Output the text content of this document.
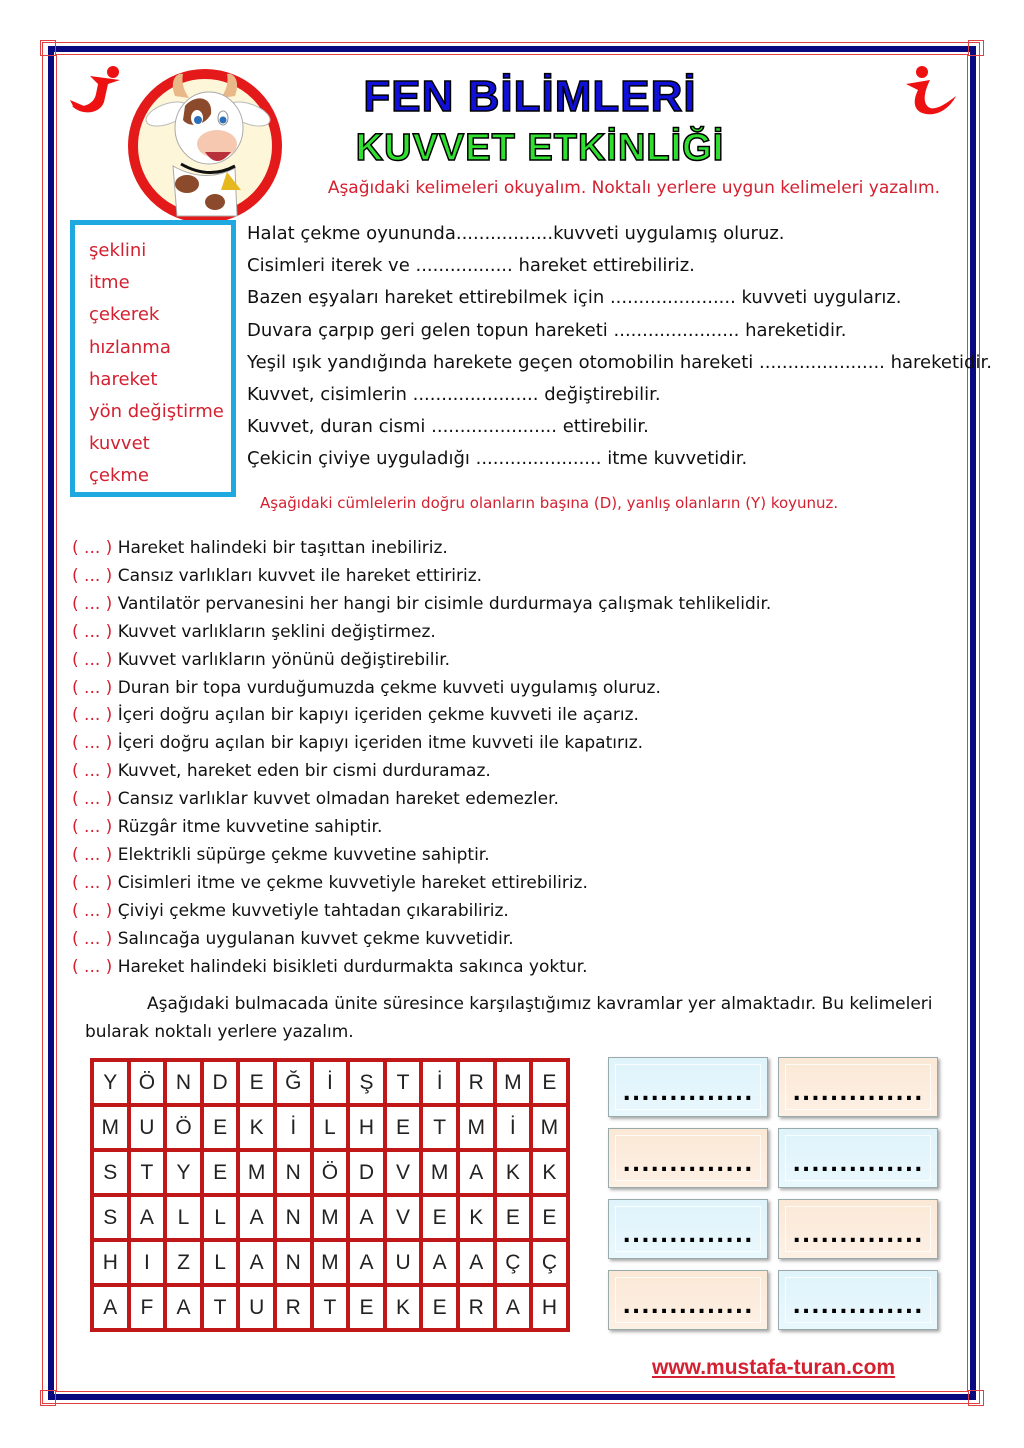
FEN BİLİMLERİ
KUVVET ETKİNLİĞİ
Aşağıdaki kelimeleri okuyalım. Noktalı yerlere uygun kelimeleri yazalım.
şeklini
itme
çekerek
hızlanma
hareket
yön değiştirme
kuvvet
çekme
Halat çekme oyununda.................kuvveti uygulamış oluruz.
Cisimleri iterek ve ................. hareket ettirebiliriz.
Bazen eşyaları hareket ettirebilmek için ...................... kuvveti uygularız.
Duvara çarpıp geri gelen topun hareketi ...................... hareketidir.
Yeşil ışık yandığında harekete geçen otomobilin hareketi ...................... hareketidir.
Kuvvet, cisimlerin ...................... değiştirebilir.
Kuvvet, duran cismi ...................... ettirebilir.
Çekicin çiviye uyguladığı ...................... itme kuvvetidir.
Aşağıdaki cümlelerin doğru olanların başına (D), yanlış olanların (Y) koyunuz.
( ... ) Hareket halindeki bir taşıttan inebiliriz.
( ... ) Cansız varlıkları kuvvet ile hareket ettiririz.
( ... ) Vantilatör pervanesini her hangi bir cisimle durdurmaya çalışmak tehlikelidir.
( ... ) Kuvvet varlıkların şeklini değiştirmez.
( ... ) Kuvvet varlıkların yönünü değiştirebilir.
( ... ) Duran bir topa vurduğumuzda çekme kuvveti uygulamış oluruz.
( ... ) İçeri doğru açılan bir kapıyı içeriden çekme kuvveti ile açarız.
( ... ) İçeri doğru açılan bir kapıyı içeriden itme kuvveti ile kapatırız.
( ... ) Kuvvet, hareket eden bir cismi durduramaz.
( ... ) Cansız varlıklar kuvvet olmadan hareket edemezler.
( ... ) Rüzgâr itme kuvvetine sahiptir.
( ... ) Elektrikli süpürge çekme kuvvetine sahiptir.
( ... ) Cisimleri itme ve çekme kuvvetiyle hareket ettirebiliriz.
( ... ) Çiviyi çekme kuvvetiyle tahtadan çıkarabiliriz.
( ... ) Salıncağa uygulanan kuvvet çekme kuvvetidir.
( ... ) Hareket halindeki bisikleti durdurmakta sakınca yoktur.
Aşağıdaki bulmacada ünite süresince karşılaştığımız kavramlar yer almaktadır. Bu kelimeleri
bularak noktalı yerlere yazalım.
Y	Ö	N	D	E	Ğ	İ	Ş	T	İ	R	M	E
M	U	Ö	E	K	İ	L	H	E	T	M	İ	M
S	T	Y	E	M	N	Ö	D	V	M	A	K	K
S	A	L	L	A	N	M	A	V	E	K	E	E
H	I	Z	L	A	N	M	A	U	A	A	Ç	Ç
A	F	A	T	U	R	T	E	K	E	R	A	H
.............. ..............
.............. ..............
.............. ..............
.............. ..............
www.mustafa-turan.com
